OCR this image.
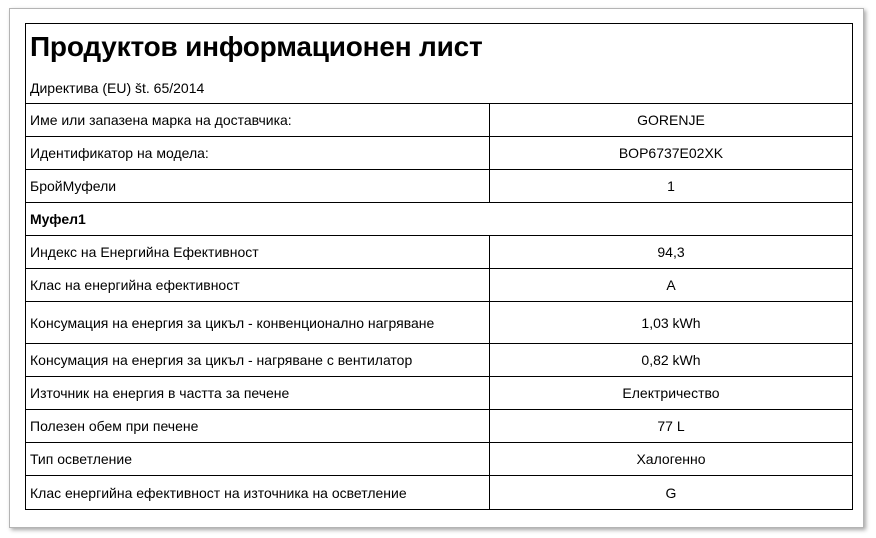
Продуктов информационен лист
Директива (EU) št. 65/2014
Име или запазена марка на доставчика:	GORENJE
Идентификатор на модела:	BOP6737E02XK
БройМуфели	1
Муфел1
Индекс на Енергийна Ефективност	94,3
Клас на енергийна ефективност	A
Консумация на енергия за цикъл - конвенционално нагряване	1,03 kWh
Консумация на енергия за цикъл - нагряване с вентилатор	0,82 kWh
Източник на енергия в частта за печене	Електричество
Полезен обем при печене	77 L
Тип осветление	Халогенно
Клас енергийна ефективност на източника на осветление	G
